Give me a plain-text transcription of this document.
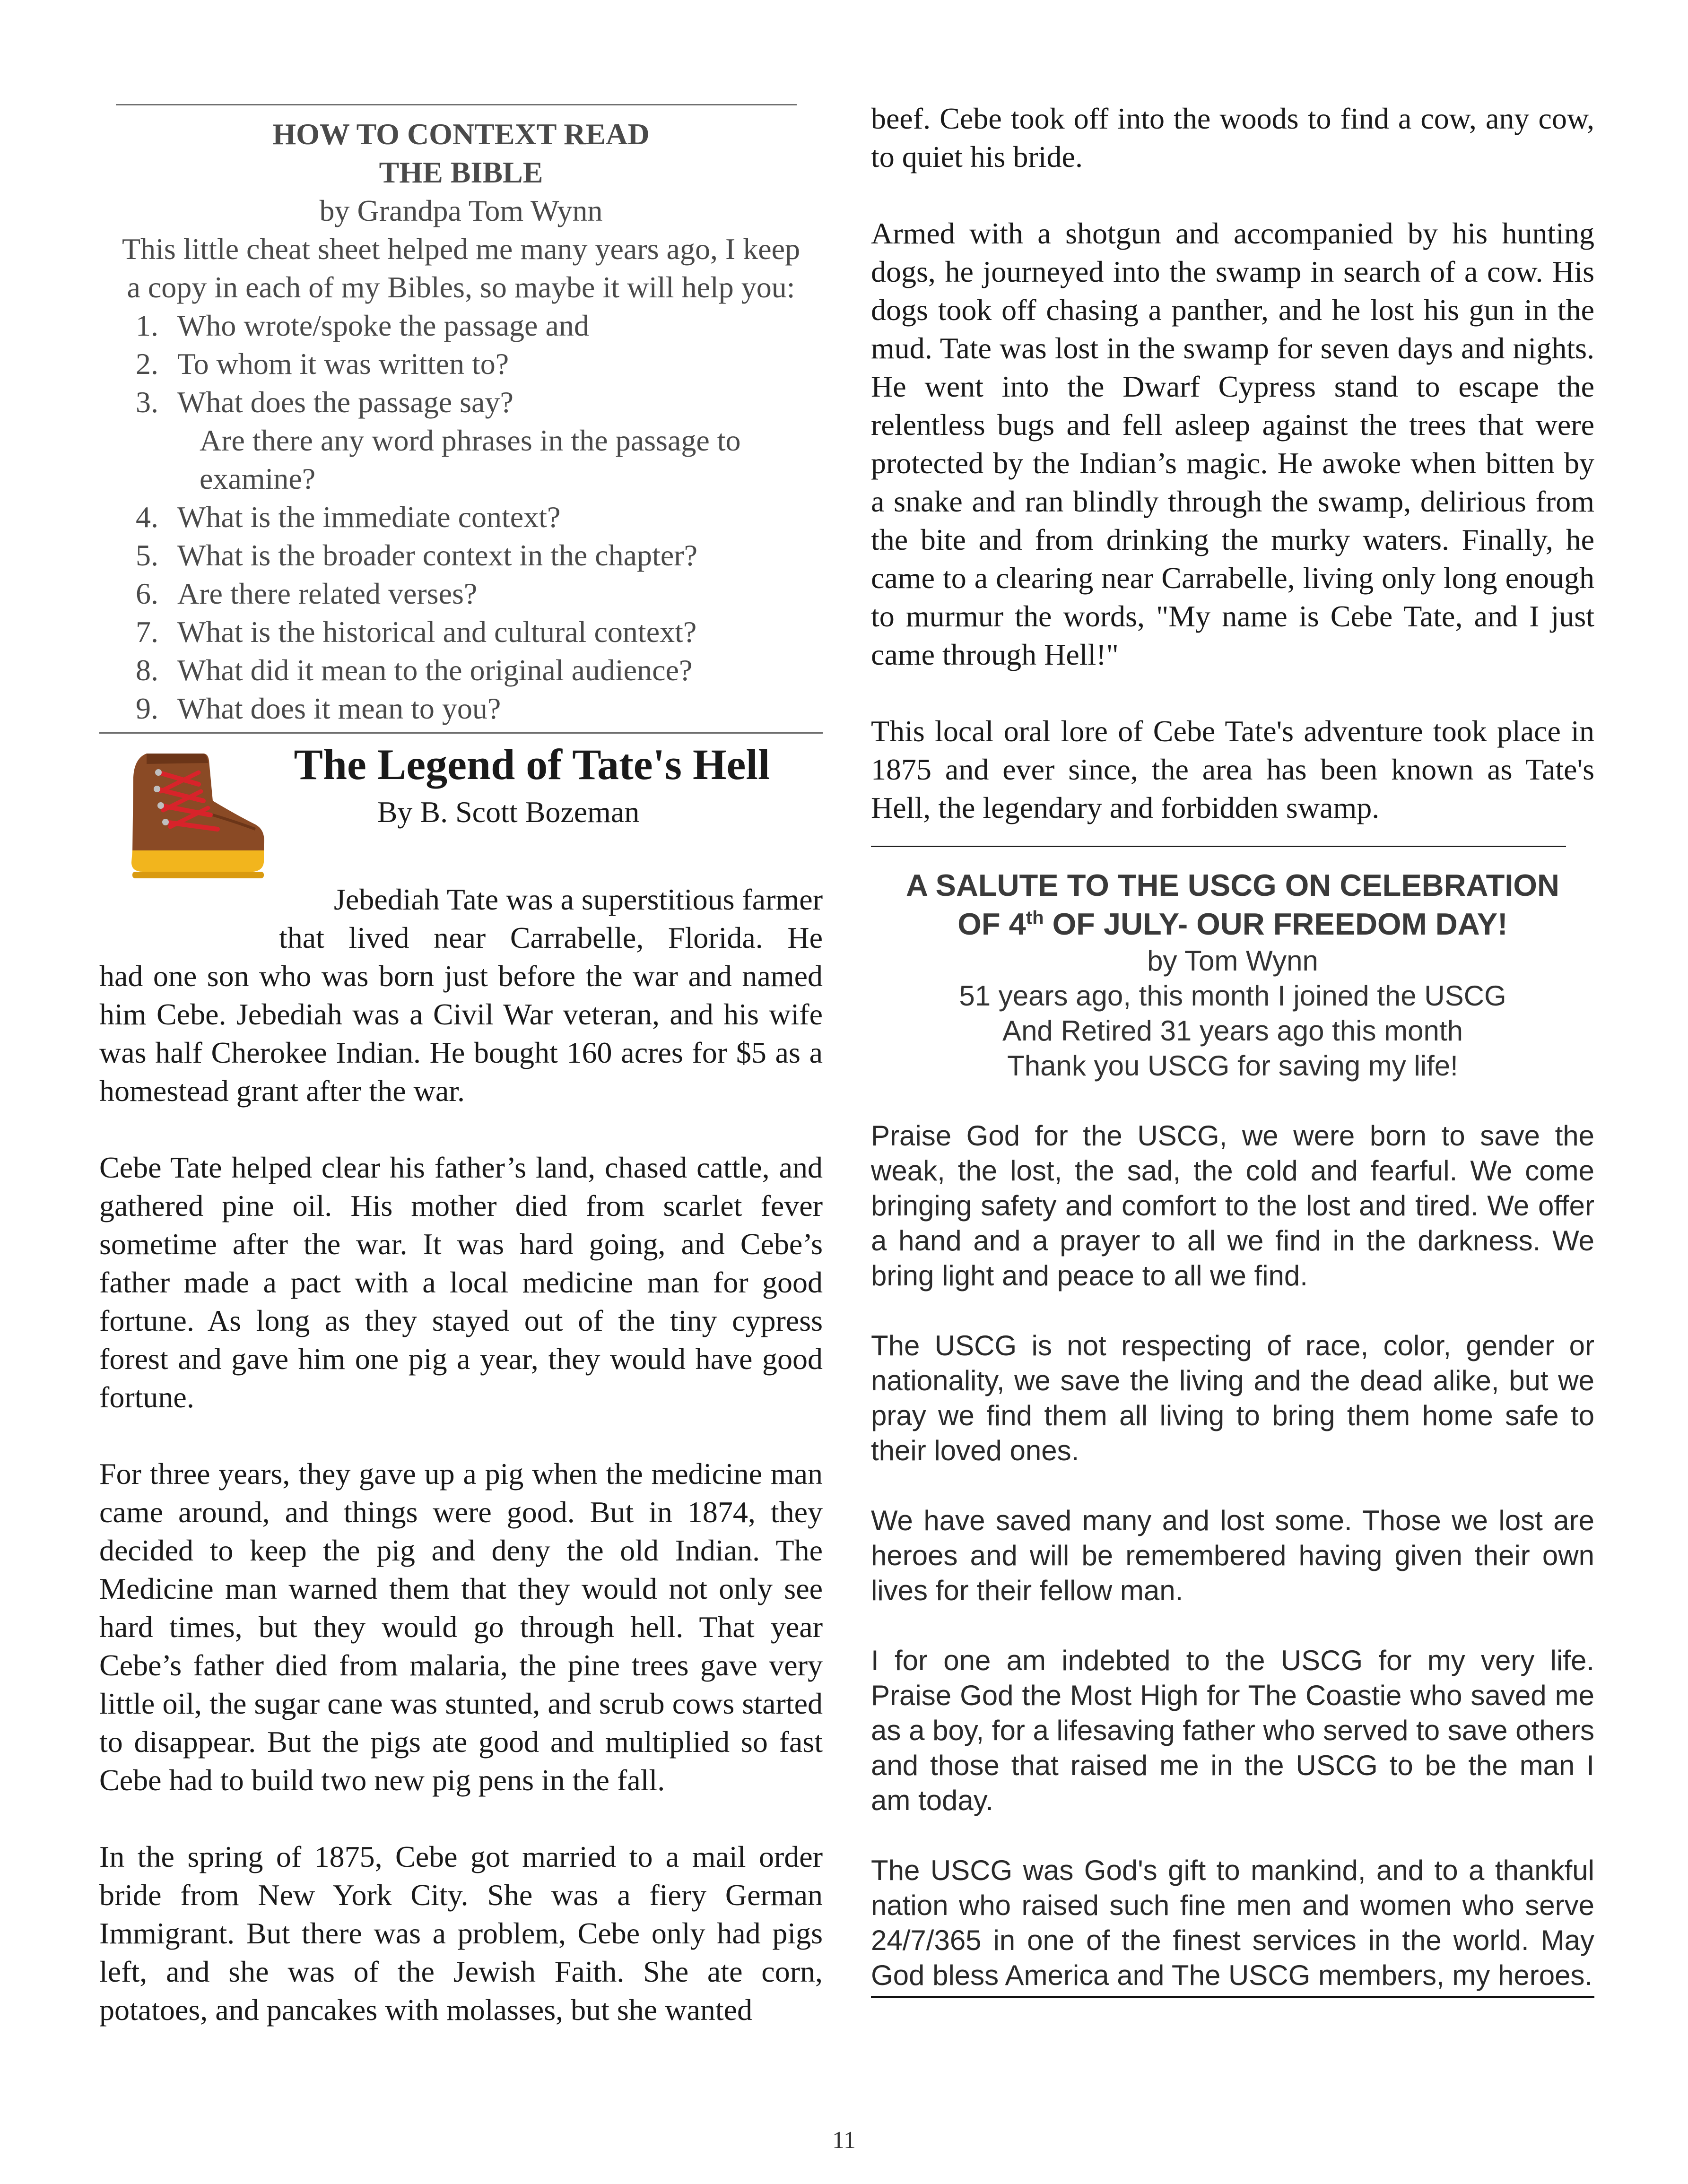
HOW TO CONTEXT READ
THE BIBLE
by Grandpa Tom Wynn
This little cheat sheet helped me many years ago, I keep a copy in each of my Bibles, so maybe it will help you:
1. Who wrote/spoke the passage and
2. To whom it was written to?
3. What does the passage say?
Are there any word phrases in the passage to examine?
4. What is the immediate context?
5. What is the broader context in the chapter?
6. Are there related verses?
7. What is the historical and cultural context?
8. What did it mean to the original audience?
9. What does it mean to you?
The Legend of Tate's Hell
By B. Scott Bozeman
Jebediah Tate was a superstitious farmer
that lived near Carrabelle, Florida. He
had one son who was born just before the war and named him Cebe. Jebediah was a Civil War veteran, and his wife was half Cherokee Indian. He bought 160 acres for $5 as a homestead grant after the war.

Cebe Tate helped clear his father’s land, chased cattle, and gathered pine oil. His mother died from scarlet fever sometime after the war. It was hard going, and Cebe’s father made a pact with a local medicine man for good fortune. As long as they stayed out of the tiny cypress forest and gave him one pig a year, they would have good fortune.

For three years, they gave up a pig when the medicine man came around, and things were good. But in 1874, they decided to keep the pig and deny the old Indian. The Medicine man warned them that they would not only see hard times, but they would go through hell. That year Cebe’s father died from malaria, the pine trees gave very little oil, the sugar cane was stunted, and scrub cows started to disappear. But the pigs ate good and multiplied so fast Cebe had to build two new pig pens in the fall.

In the spring of 1875, Cebe got married to a mail order bride from New York City. She was a fiery German Immigrant. But there was a problem, Cebe only had pigs left, and she was of the Jewish Faith. She ate corn, potatoes, and pancakes with molasses, but she wanted

beef. Cebe took off into the woods to find a cow, any cow, to quiet his bride.

Armed with a shotgun and accompanied by his hunting dogs, he journeyed into the swamp in search of a cow. His dogs took off chasing a panther, and he lost his gun in the mud. Tate was lost in the swamp for seven days and nights. He went into the Dwarf Cypress stand to escape the relentless bugs and fell asleep against the trees that were protected by the Indian’s magic. He awoke when bitten by a snake and ran blindly through the swamp, delirious from the bite and from drinking the murky waters. Finally, he came to a clearing near Carrabelle, living only long enough to murmur the words, "My name is Cebe Tate, and I just came through Hell!"

This local oral lore of Cebe Tate's adventure took place in 1875 and ever since, the area has been known as Tate's Hell, the legendary and forbidden swamp.

A SALUTE TO THE USCG ON CELEBRATION
OF 4th OF JULY- OUR FREEDOM DAY!
by Tom Wynn
51 years ago, this month I joined the USCG
And Retired 31 years ago this month
Thank you USCG for saving my life!

Praise God for the USCG, we were born to save the weak, the lost, the sad, the cold and fearful. We come bringing safety and comfort to the lost and tired. We offer a hand and a prayer to all we find in the darkness. We bring light and peace to all we find.

The USCG is not respecting of race, color, gender or nationality, we save the living and the dead alike, but we pray we find them all living to bring them home safe to their loved ones.

We have saved many and lost some. Those we lost are heroes and will be remembered having given their own lives for their fellow man.

I for one am indebted to the USCG for my very life. Praise God the Most High for The Coastie who saved me as a boy, for a lifesaving father who served to save others and those that raised me in the USCG to be the man I am today.

The USCG was God's gift to mankind, and to a thankful nation who raised such fine men and women who serve 24/7/365 in one of the finest services in the world. May God bless America and The USCG members, my heroes.

11
